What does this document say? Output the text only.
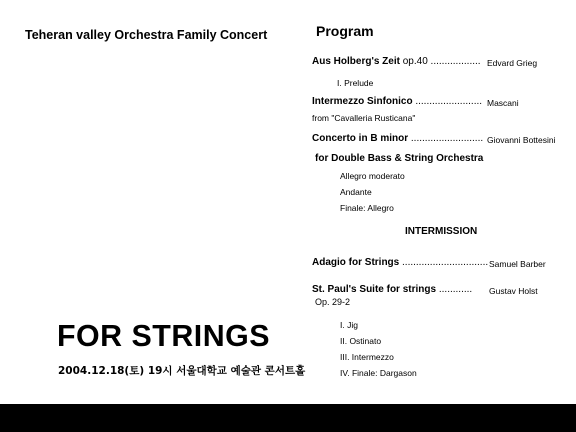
Teheran valley Orchestra Family Concert
FOR STRINGS
2004.12.18(토) 19시 서울대학교 예술관 콘서트홀
Program
Aus Holberg's Zeit op.40 .................. Edvard Grieg
I. Prelude
Intermezzo Sinfonico ........................ Mascani
from "Cavalleria Rusticana"
Concerto in B minor .......................... Giovanni Bottesini
for Double Bass & String Orchestra
Allegro moderato
Andante
Finale: Allegro
INTERMISSION
Adagio for Strings ............................... Samuel Barber
St. Paul's Suite for strings ............ Gustav Holst
Op. 29-2
I. Jig
II. Ostinato
III. Intermezzo
IV. Finale: Dargason
